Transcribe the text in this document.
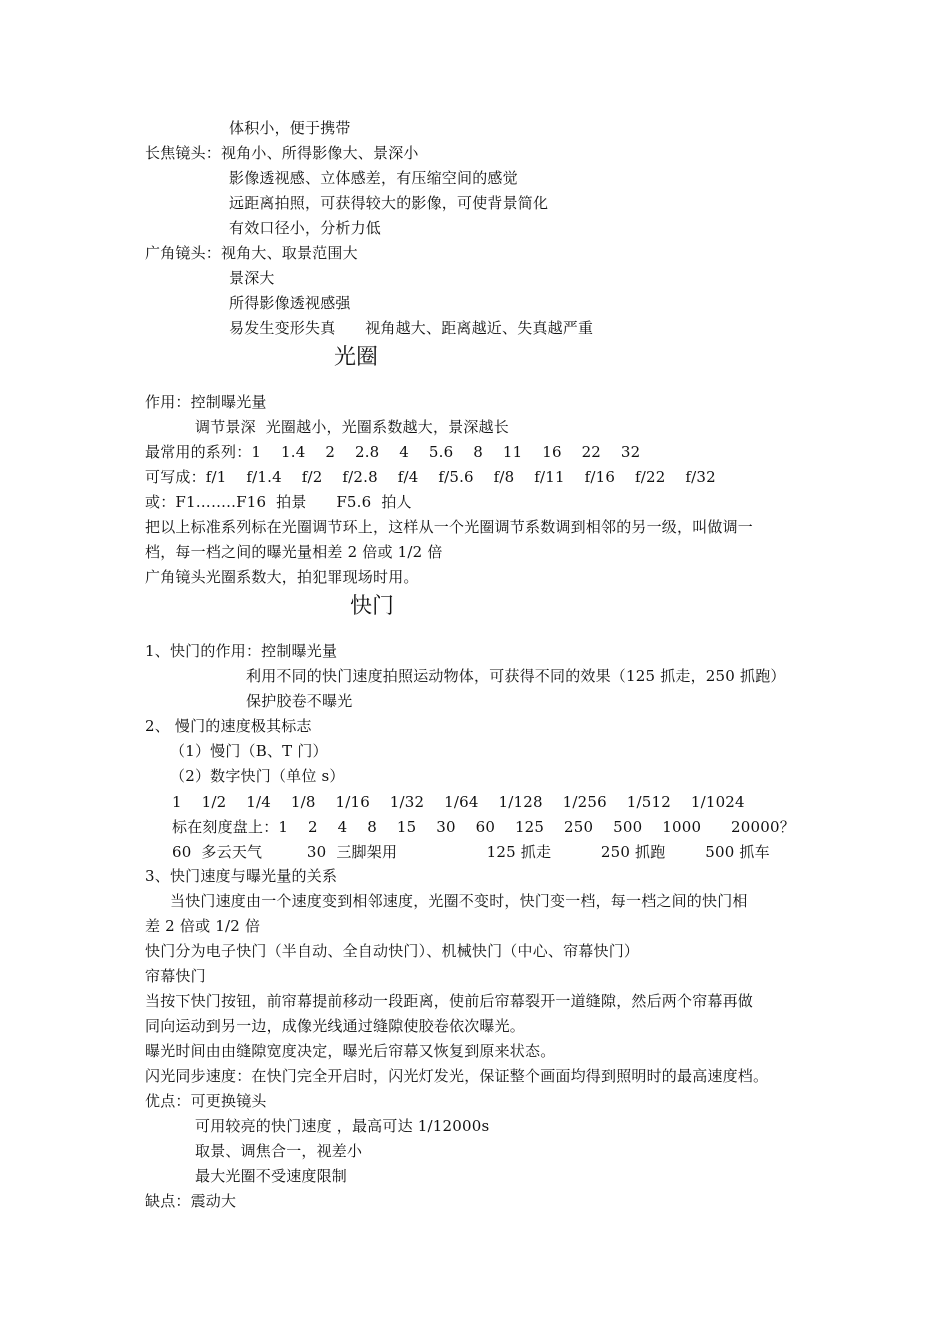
体积小，便于携带
长焦镜头：视角小、所得影像大、景深小
影像透视感、立体感差，有压缩空间的感觉
远距离拍照，可获得较大的影像，可使背景简化
有效口径小，分析力低
广角镜头：视角大、取景范围大
景深大
所得影像透视感强
易发生变形失真      视角越大、距离越近、失真越严重
光圈
作用：控制曝光量
调节景深  光圈越小，光圈系数越大，景深越长
最常用的系列：1    1.4    2    2.8    4    5.6    8    11    16    22    32
可写成：f/1    f/1.4    f/2    f/2.8    f/4    f/5.6    f/8    f/11    f/16    f/22    f/32
或：F1……..F16  拍景      F5.6  拍人
把以上标准系列标在光圈调节环上，这样从一个光圈调节系数调到相邻的另一级，叫做调一
档，每一档之间的曝光量相差 2 倍或 1/2 倍
广角镜头光圈系数大，拍犯罪现场时用。
快门
1、快门的作用：控制曝光量
利用不同的快门速度拍照运动物体，可获得不同的效果（125 抓走，250 抓跑）
保护胶卷不曝光
2、 慢门的速度极其标志
（1）慢门（B、T 门）
（2）数字快门（单位 s）
1    1/2    1/4    1/8    1/16    1/32    1/64    1/128    1/256    1/512    1/1024
标在刻度盘上：1    2    4    8    15    30    60    125    250    500    1000      20000？
60  多云天气         30  三脚架用                  125 抓走          250 抓跑        500 抓车
3、快门速度与曝光量的关系
当快门速度由一个速度变到相邻速度，光圈不变时，快门变一档，每一档之间的快门相
差 2 倍或 1/2 倍
快门分为电子快门（半自动、全自动快门）、机械快门（中心、帘幕快门）
帘幕快门
当按下快门按钮，前帘幕提前移动一段距离，使前后帘幕裂开一道缝隙，然后两个帘幕再做
同向运动到另一边，成像光线通过缝隙使胶卷依次曝光。
曝光时间由由缝隙宽度决定，曝光后帘幕又恢复到原来状态。
闪光同步速度：在快门完全开启时，闪光灯发光，保证整个画面均得到照明时的最高速度档。
优点：可更换镜头
可用较亮的快门速度 ，最高可达 1/12000s
取景、调焦合一，视差小
最大光圈不受速度限制
缺点：震动大
